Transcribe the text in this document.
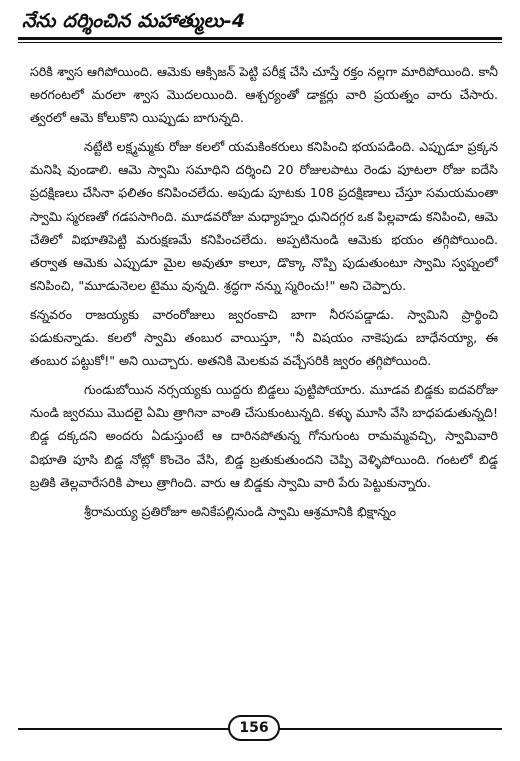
నేను దర్శించిన మహాత్ములు-4

సరికి శ్వాస ఆగిపోయింది. ఆమెకు ఆక్సిజన్ పెట్టి పరీక్ష చేసి చూస్తే రక్తం నల్లగా మారిపోయింది. కానీ అరగంటలో మరలా శ్వాస మొదలయింది. ఆశ్చర్యంతో డాక్టర్లు వారి ప్రయత్నం వారు చేసారు. త్వరలో ఆమె కోలుకొని యిప్పుడు బాగున్నది.

నట్టేటి లక్ష్మమ్మకు రోజు కలలో యమకింకరులు కనిపించి భయపడింది. ఎప్పుడూ ప్రక్కన మనిషి వుండాలి. ఆమె స్వామి సమాధిని దర్శించి 20 రోజులపాటు రెండు పూటలా రోజు ఐదేసి ప్రదక్షిణలు చేసినా ఫలితం కనిపించలేదు. అపుడు పూటకు 108 ప్రదక్షిణాలు చేస్తూ సమయమంతా స్వామి స్మరణతో గడపసాగింది. మూడవరోజు మధ్యాహ్నం ధునిదగ్గర ఒక పిల్లవాడు కనిపించి, ఆమె చేతిలో విభూతిపెట్టి మరుక్షణమే కనిపించలేదు. అప్పటినుండి ఆమెకు భయం తగ్గిపోయింది. తర్వాత ఆమెకు ఎప్పుడూ మైల అవుతూ కాలూ, డొక్కా నొప్పి పుడుతుంటూ స్వామి స్వప్నంలో కనిపించి, "మూడునెలల టైము వున్నది. శ్రద్ధగా నన్ను స్మరించు!" అని చెప్పారు.

కన్నవరం రాజయ్యకు వారంరోజులు జ్వరంకాచి బాగా నీరసపడ్డాడు. స్వామిని ప్రార్థించి పడుకున్నాడు. కలలో స్వామి తంబుర వాయిస్తూ, "నీ విషయం నాకెపుడు బాధేనయ్యా, ఈ తంబుర పట్టుకో!" అని యిచ్చారు. అతనికి మెలకువ వచ్చేసరికి జ్వరం తగ్గిపోయింది.

గుండుబోయిన నర్సయ్యకు యిద్దరు బిడ్డలు పుట్టిపోయారు. మూడవ బిడ్డకు ఐదవరోజు నుండి జ్వరము మొదలై ఏమి త్రాగినా వాంతి చేసుకుంటున్నది. కళ్ళు మూసి వేసి బాధపడుతున్నది! బిడ్డ దక్కదని అందరు ఏడుస్తుంటే ఆ దారినపోతున్న గోనుగుంట రామమ్మవచ్చి, స్వామివారి విభూతి పూసి బిడ్డ నోట్లో కొంచెం వేసి, బిడ్డ బ్రతుకుతుందని చెప్పి వెళ్ళిపోయింది. గంటలో బిడ్డ బ్రతికి తెల్లవారేసరికి పాలు త్రాగింది. వారు ఆ బిడ్డకు స్వామి వారి పేరు పెట్టుకున్నారు.

శ్రీరామయ్య ప్రతిరోజూ అనికేపల్లినుండి స్వామి ఆశ్రమానికి భిక్షాన్నం

156
